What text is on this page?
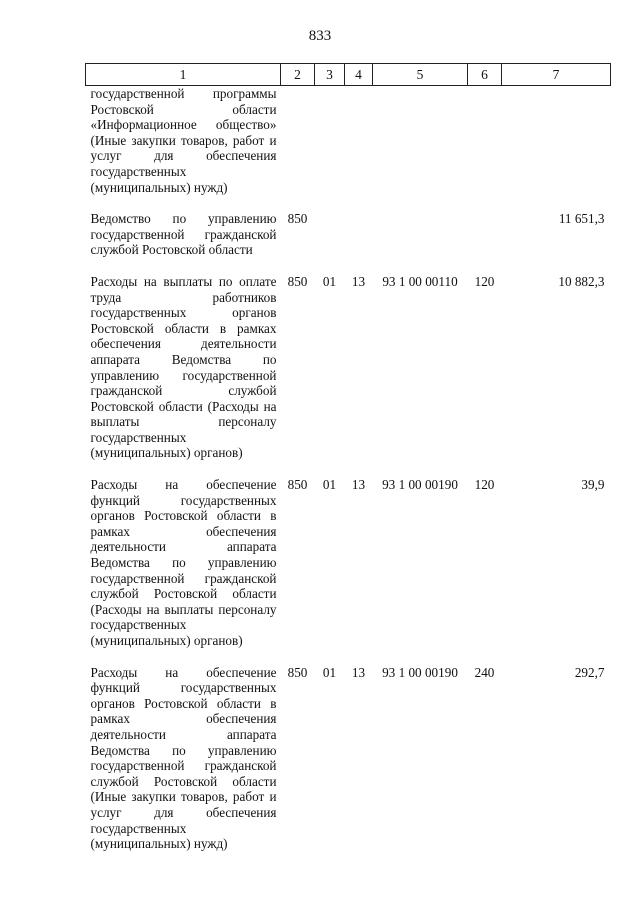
833
1	2	3	4	5	6	7
государственной программы Ростовской области «Информационное общество» (Иные закупки товаров, работ и услуг для обеспечения государственных (муниципальных) нужд)						
Ведомство по управлению государственной гражданской службой Ростовской области	850					11 651,3
Расходы на выплаты по оплате труда работников государственных органов Ростовской области в рамках обеспечения деятельности аппарата Ведомства по управлению государственной гражданской службой Ростовской области (Расходы на выплаты персоналу государственных (муниципальных) органов)	850	01	13	93 1 00 00110	120	10 882,3
Расходы на обеспечение функций государственных органов Ростовской области в рамках обеспечения деятельности аппарата Ведомства по управлению государственной гражданской службой Ростовской области (Расходы на выплаты персоналу государственных (муниципальных) органов)	850	01	13	93 1 00 00190	120	39,9
Расходы на обеспечение функций государственных органов Ростовской области в рамках обеспечения деятельности аппарата Ведомства по управлению государственной гражданской службой Ростовской области (Иные закупки товаров, работ и услуг для обеспечения государственных (муниципальных) нужд)	850	01	13	93 1 00 00190	240	292,7
